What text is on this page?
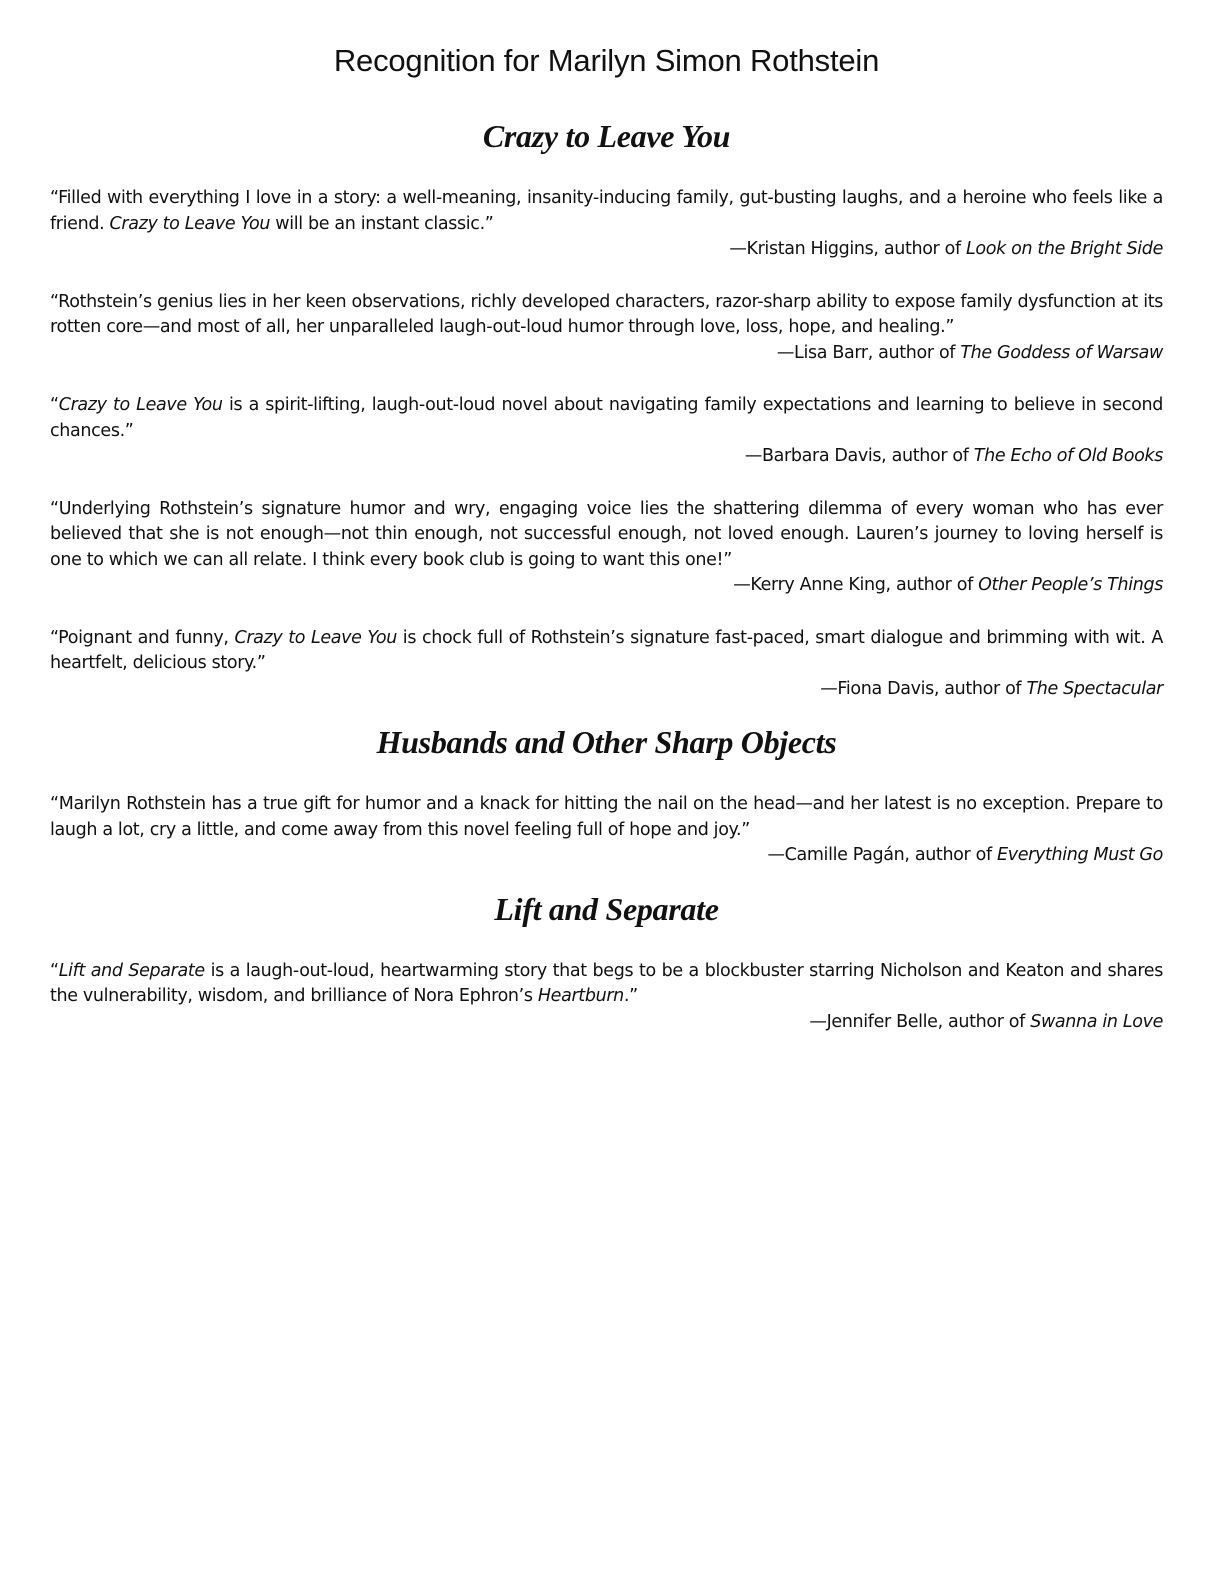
Recognition for Marilyn Simon Rothstein
Crazy to Leave You

“Filled with everything I love in a story: a well-meaning, insanity-inducing family, gut-busting laughs, and a heroine who feels like a friend. Crazy to Leave You will be an instant classic.”

—Kristan Higgins, author of Look on the Bright Side

“Rothstein’s genius lies in her keen observations, richly developed characters, razor-sharp ability to expose family dysfunction at its rotten core—and most of all, her unparalleled laugh-out-loud humor through love, loss, hope, and healing.”

—Lisa Barr, author of The Goddess of Warsaw

“Crazy to Leave You is a spirit-lifting, laugh-out-loud novel about navigating family expectations and learning to believe in second chances.”

—Barbara Davis, author of The Echo of Old Books

“Underlying Rothstein’s signature humor and wry, engaging voice lies the shattering dilemma of every woman who has ever believed that she is not enough—not thin enough, not successful enough, not loved enough. Lauren’s journey to loving herself is one to which we can all relate. I think every book club is going to want this one!”

—Kerry Anne King, author of Other People’s Things

“Poignant and funny, Crazy to Leave You is chock full of Rothstein’s signature fast-paced, smart dialogue and brimming with wit. A heartfelt, delicious story.”

—Fiona Davis, author of The Spectacular

Husbands and Other Sharp Objects

“Marilyn Rothstein has a true gift for humor and a knack for hitting the nail on the head—and her latest is no exception. Prepare to laugh a lot, cry a little, and come away from this novel feeling full of hope and joy.”

—Camille Pagán, author of Everything Must Go

Lift and Separate

“Lift and Separate is a laugh-out-loud, heartwarming story that begs to be a blockbuster starring Nicholson and Keaton and shares the vulnerability, wisdom, and brilliance of Nora Ephron’s Heartburn.”

—Jennifer Belle, author of Swanna in Love
